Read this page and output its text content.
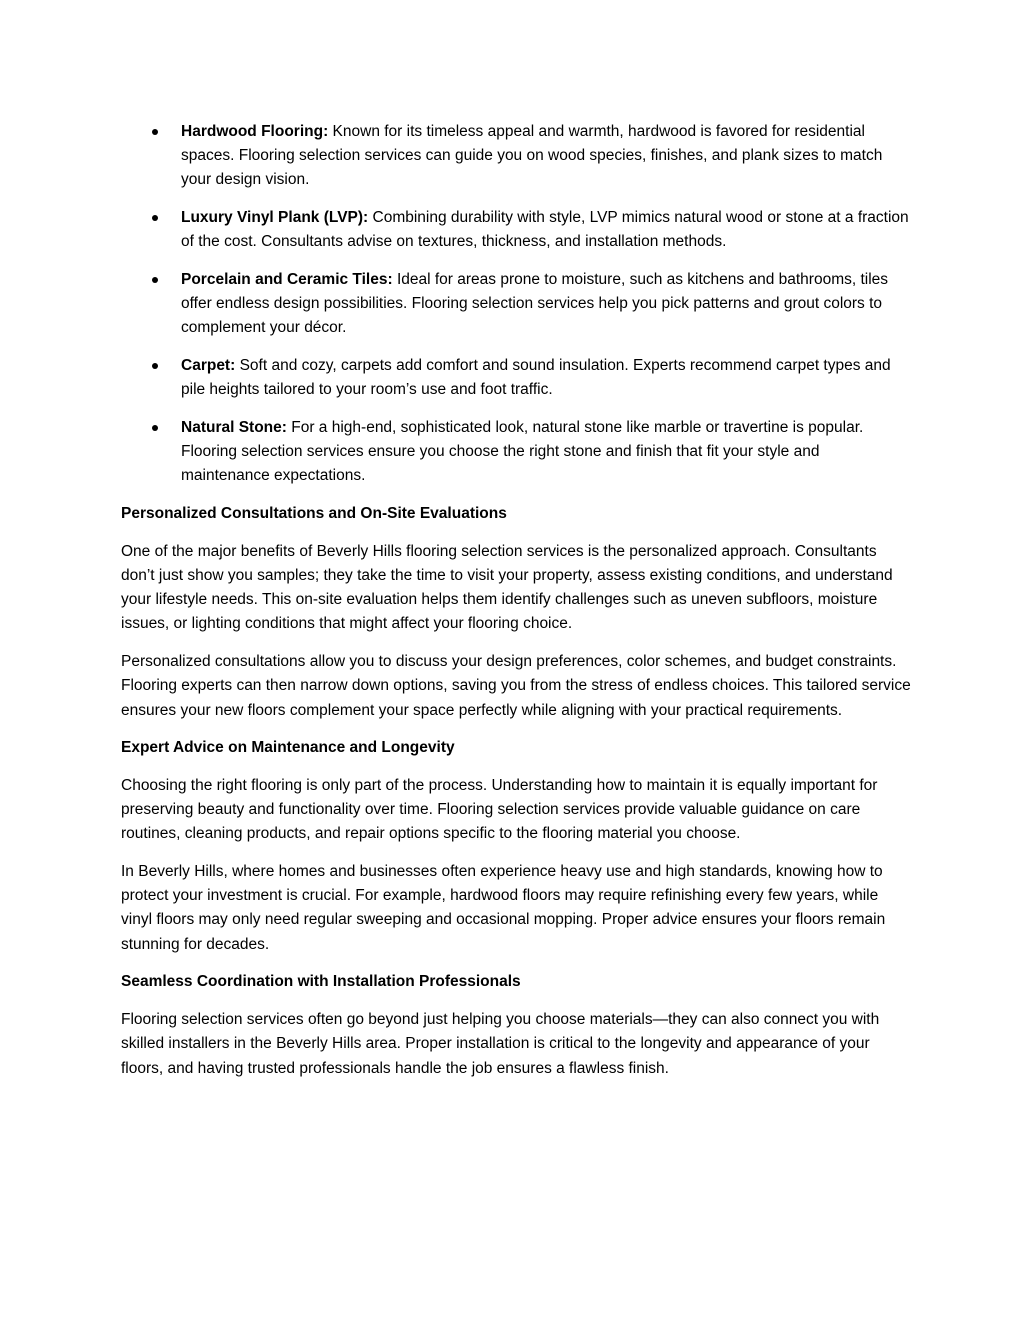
Hardwood Flooring: Known for its timeless appeal and warmth, hardwood is favored for residential spaces. Flooring selection services can guide you on wood species, finishes, and plank sizes to match your design vision.
Luxury Vinyl Plank (LVP): Combining durability with style, LVP mimics natural wood or stone at a fraction of the cost. Consultants advise on textures, thickness, and installation methods.
Porcelain and Ceramic Tiles: Ideal for areas prone to moisture, such as kitchens and bathrooms, tiles offer endless design possibilities. Flooring selection services help you pick patterns and grout colors to complement your décor.
Carpet: Soft and cozy, carpets add comfort and sound insulation. Experts recommend carpet types and pile heights tailored to your room’s use and foot traffic.
Natural Stone: For a high-end, sophisticated look, natural stone like marble or travertine is popular. Flooring selection services ensure you choose the right stone and finish that fit your style and maintenance expectations.
Personalized Consultations and On-Site Evaluations

One of the major benefits of Beverly Hills flooring selection services is the personalized approach. Consultants don’t just show you samples; they take the time to visit your property, assess existing conditions, and understand your lifestyle needs. This on-site evaluation helps them identify challenges such as uneven subfloors, moisture issues, or lighting conditions that might affect your flooring choice.

Personalized consultations allow you to discuss your design preferences, color schemes, and budget constraints. Flooring experts can then narrow down options, saving you from the stress of endless choices. This tailored service ensures your new floors complement your space perfectly while aligning with your practical requirements.

Expert Advice on Maintenance and Longevity

Choosing the right flooring is only part of the process. Understanding how to maintain it is equally important for preserving beauty and functionality over time. Flooring selection services provide valuable guidance on care routines, cleaning products, and repair options specific to the flooring material you choose.

In Beverly Hills, where homes and businesses often experience heavy use and high standards, knowing how to protect your investment is crucial. For example, hardwood floors may require refinishing every few years, while vinyl floors may only need regular sweeping and occasional mopping. Proper advice ensures your floors remain stunning for decades.

Seamless Coordination with Installation Professionals

Flooring selection services often go beyond just helping you choose materials—they can also connect you with skilled installers in the Beverly Hills area. Proper installation is critical to the longevity and appearance of your floors, and having trusted professionals handle the job ensures a flawless finish.
